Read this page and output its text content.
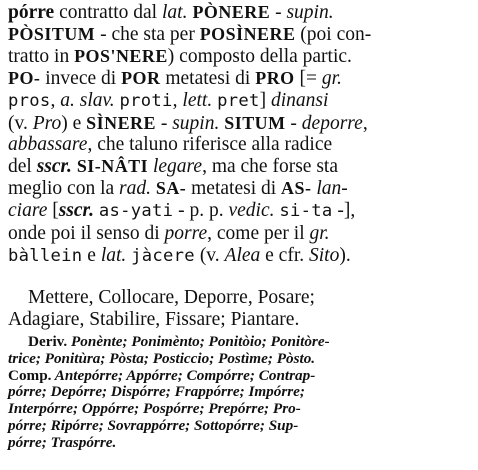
pórre contratto dal lat. PÒNERE - supin.
PÒSITUM - che sta per POSÌNERE (poi con-
tratto in POS'NERE) composto della partic.
PO- invece di POR metatesi di PRO [= gr.
pros, a. slav. proti, lett. pret] dinansi
(v. Pro) e SÌNERE - supin. SITUM - deporre,
abbassare, che taluno riferisce alla radice
del sscr. SI-NÂTI legare, ma che forse sta
meglio con la rad. SA- metatesi di AS- lan-
ciare [sscr. as-yati - p. p. vedic. si-ta -],
onde poi il senso di porre, come per il gr.
bàllein e lat. jàcere (v. Alea e cfr. Sito).
Mettere, Collocare, Deporre, Posare;
Adagiare, Stabilire, Fissare; Piantare.
Deriv. Ponènte; Ponimènto; Ponitòio; Ponitòre-
trice; Ponitùra; Pòsta; Posticcio; Postìme; Pòsto.
Comp. Antepórre; Appórre; Compórre; Contrap-
pórre; Depórre; Dispórre; Frappórre; Impórre;
Interpórre; Oppórre; Pospórre; Prepórre; Pro-
pórre; Ripórre; Sovrappórre; Sottopórre; Sup-
pórre; Traspórre.
